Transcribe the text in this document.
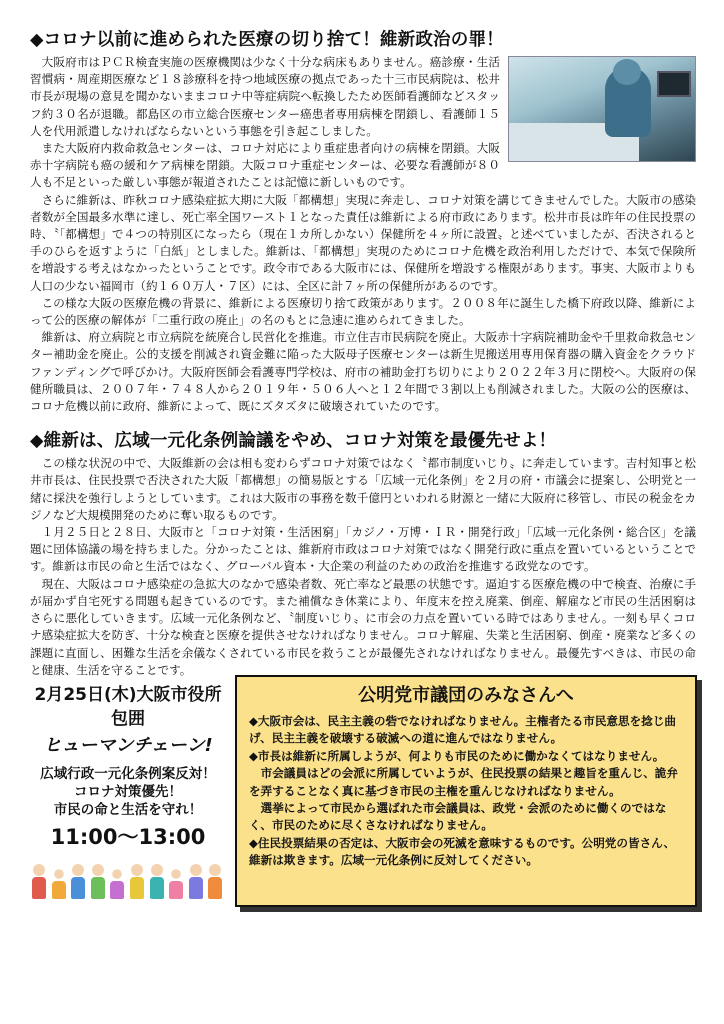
◆コロナ以前に進められた医療の切り捨て！維新政治の罪！

大阪府市はＰＣＲ検査実施の医療機関は少なく十分な病床もありません。癌診療・生活習慣病・周産期医療など１８診療科を持つ地域医療の拠点であった十三市民病院は、松井市長が現場の意見を聞かないままコロナ中等症病院へ転換したため医師看護師などスタッフ約３０名が退職。都島区の市立総合医療センター癌患者専用病棟を閉鎖し、看護師１５人を代用派遣しなければならないという事態を引き起こしました。

また大阪府内救命救急センターは、コロナ対応により重症患者向けの病棟を閉鎖。大阪赤十字病院も癌の緩和ケア病棟を閉鎖。大阪コロナ重症センターは、必要な看護師が８０人も不足といった厳しい事態が報道されたことは記憶に新しいものです。

さらに維新は、昨秋コロナ感染症拡大期に大阪「都構想」実現に奔走し、コロナ対策を講じてきませんでした。大阪市の感染者数が全国最多水準に達し、死亡率全国ワースト１となった責任は維新による府市政にあります。松井市長は昨年の住民投票の時、〝「都構想」で４つの特別区になったら（現在１カ所しかない）保健所を４ヶ所に設置〟と述べていましたが、否決されると手のひらを返すように「白紙」としました。維新は、「都構想」実現のためにコロナ危機を政治利用しただけで、本気で保険所を増設する考えはなかったということです。政令市である大阪市には、保健所を増設する権限があります。事実、大阪市よりも人口の少ない福岡市（約１６０万人・７区）には、全区に計７ヶ所の保健所があるのです。

この様な大阪の医療危機の背景に、維新による医療切り捨て政策があります。２００８年に誕生した橋下府政以降、維新によって公的医療の解体が「二重行政の廃止」の名のもとに急速に進められてきました。

維新は、府立病院と市立病院を統廃合し民営化を推進。市立住吉市民病院を廃止。大阪赤十字病院補助金や千里救命救急センター補助金を廃止。公的支援を削減され資金難に陥った大阪母子医療センターは新生児搬送用専用保育器の購入資金をクラウドファンディングで呼びかけ。大阪府医師会看護専門学校は、府市の補助金打ち切りにより２０２２年３月に閉校へ。大阪府の保健所職員は、２００７年・７４８人から２０１９年・５０６人へと１２年間で３割以上も削減されました。大阪の公的医療は、コロナ危機以前に政府、維新によって、既にズタズタに破壊されていたのです。

◆維新は、広域一元化条例論議をやめ、コロナ対策を最優先せよ！

この様な状況の中で、大阪維新の会は相も変わらずコロナ対策ではなく〝都市制度いじり〟に奔走しています。吉村知事と松井市長は、住民投票で否決された大阪「都構想」の簡易版とする「広域一元化条例」を２月の府・市議会に提案し、公明党と一緒に採決を強行しようとしています。これは大阪市の事務を数千億円といわれる財源と一緒に大阪府に移管し、市民の税金をカジノなど大規模開発のために奪い取るものです。

１月２５日と２８日、大阪市と「コロナ対策・生活困窮」「カジノ・万博・ＩＲ・開発行政」「広域一元化条例・総合区」を議題に団体協議の場を持ちました。分かったことは、維新府市政はコロナ対策ではなく開発行政に重点を置いているということです。維新は市民の命と生活ではなく、グローバル資本・大企業の利益のための政治を推進する政党なのです。

現在、大阪はコロナ感染症の急拡大のなかで感染者数、死亡率など最悪の状態です。逼迫する医療危機の中で検査、治療に手が届かず自宅死する問題も起きているのです。また補償なき休業により、年度末を控え廃業、倒産、解雇など市民の生活困窮はさらに悪化していきます。広域一元化条例など、〝制度いじり〟に市会の力点を置いている時ではありません。一刻も早くコロナ感染症拡大を防ぎ、十分な検査と医療を提供させなければなりません。コロナ解雇、失業と生活困窮、倒産・廃業など多くの課題に直面し、困難な生活を余儀なくされている市民を救うことが最優先されなければなりません。最優先すべきは、市民の命と健康、生活を守ることです。

2月25日(木)大阪市役所包囲
ヒューマンチェーン!
広域行政一元化条例案反対！
コロナ対策優先！
市民の命と生活を守れ！
11:00～13:00
公明党市議団のみなさんへ

◆大阪市会は、民主主義の砦でなければなりません。主権者たる市民意思を捻じ曲げ、民主主義を破壊する破滅への道に進んではなりません。

◆市長は維新に所属しようが、何よりも市民のために働かなくてはなりません。

市会議員はどの会派に所属していようが、住民投票の結果と趣旨を重んじ、詭弁を弄することなく真に基づき市民の主権を重んじなければなりません。

選挙によって市民から選ばれた市会議員は、政党・会派のために働くのではなく、市民のために尽くさなければなりません。

◆住民投票結果の否定は、大阪市会の死滅を意味するものです。公明党の皆さん、維新は欺きます。広域一元化条例に反対してください。
